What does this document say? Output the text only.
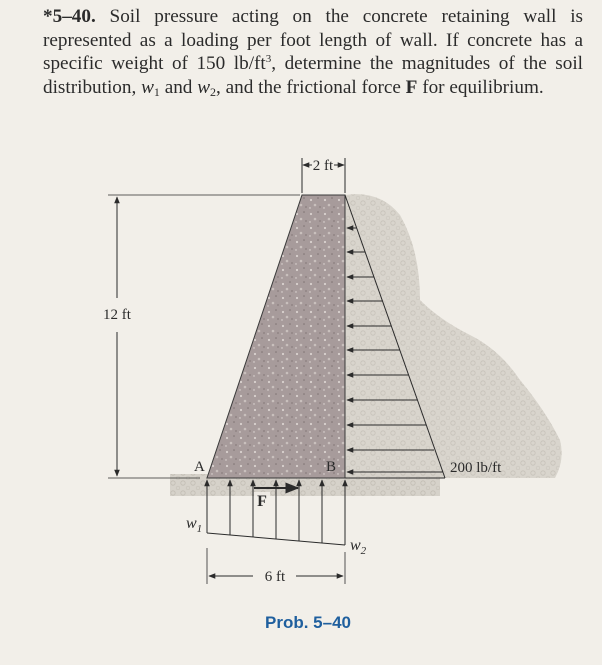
*5–40. Soil pressure acting on the concrete retaining wall is represented as a loading per foot length of wall. If concrete has a specific weight of 150 $lb/ft^3$, determine the magnitudes of the soil distribution, $w_1$ and $w_2$, and the frictional force F for equilibrium.

2 ft
12 ft
200 lb/ft
A	B
F
$w_1$
$w_2$
6 ft
Prob. 5–40
